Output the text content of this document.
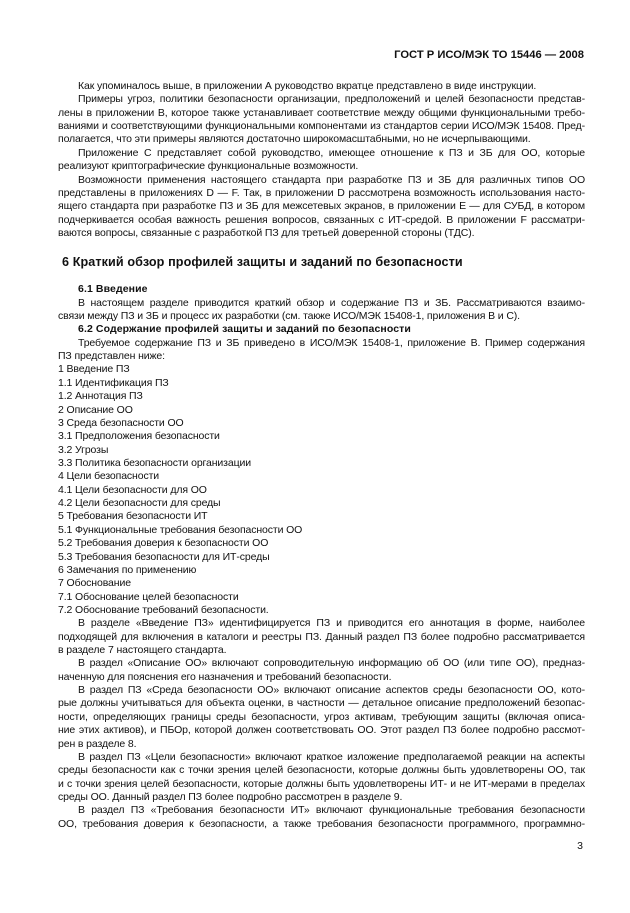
ГОСТ Р ИСО/МЭК ТО 15446 — 2008
Как упоминалось выше, в приложении А руководство вкратце представлено в виде инструкции.
Примеры угроз, политики безопасности организации, предположений и целей безопасности представ-
лены в приложении В, которое также устанавливает соответствие между общими функциональными требо-
ваниями и соответствующими функциональными компонентами из стандартов серии ИСО/МЭК 15408. Пред-
полагается, что эти примеры являются достаточно широкомасштабными, но не исчерпывающими.
Приложение С представляет собой руководство, имеющее отношение к ПЗ и ЗБ для ОО, которые
реализуют криптографические функциональные возможности.
Возможности применения настоящего стандарта при разработке ПЗ и ЗБ для различных типов ОО
представлены в приложениях D — F. Так, в приложении D рассмотрена возможность использования насто-
ящего стандарта при разработке ПЗ и ЗБ для межсетевых экранов, в приложении Е — для СУБД, в котором
подчеркивается особая важность решения вопросов, связанных с ИТ-средой. В приложении F рассматри-
ваются вопросы, связанные с разработкой ПЗ для третьей доверенной стороны (ТДС).
6 Краткий обзор профилей защиты и заданий по безопасности
6.1 Введение
В настоящем разделе приводится краткий обзор и содержание ПЗ и ЗБ. Рассматриваются взаимо-
связи между ПЗ и ЗБ и процесс их разработки (см. также ИСО/МЭК 15408-1, приложения В и С).
6.2 Содержание профилей защиты и заданий по безопасности
Требуемое содержание ПЗ и ЗБ приведено в ИСО/МЭК 15408-1, приложение В. Пример содержания
ПЗ представлен ниже:
1 Введение ПЗ
1.1 Идентификация ПЗ
1.2 Аннотация ПЗ
2 Описание ОО
3 Среда безопасности ОО
3.1 Предположения безопасности
3.2 Угрозы
3.3 Политика безопасности организации
4 Цели безопасности
4.1 Цели безопасности для ОО
4.2 Цели безопасности для среды
5 Требования безопасности ИТ
5.1 Функциональные требования безопасности ОО
5.2 Требования доверия к безопасности ОО
5.3 Требования безопасности для ИТ-среды
6 Замечания по применению
7 Обоснование
7.1 Обоснование целей безопасности
7.2 Обоснование требований безопасности.
В разделе «Введение ПЗ» идентифицируется ПЗ и приводится его аннотация в форме, наиболее
подходящей для включения в каталоги и реестры ПЗ. Данный раздел ПЗ более подробно рассматривается
в разделе 7 настоящего стандарта.
В раздел «Описание ОО» включают сопроводительную информацию об ОО (или типе ОО), предназ-
наченную для пояснения его назначения и требований безопасности.
В раздел ПЗ «Среда безопасности ОО» включают описание аспектов среды безопасности ОО, кото-
рые должны учитываться для объекта оценки, в частности — детальное описание предположений безопас-
ности, определяющих границы среды безопасности, угроз активам, требующим защиты (включая описа-
ние этих активов), и ПБОр, которой должен соответствовать ОО. Этот раздел ПЗ более подробно рассмот-
рен в разделе 8.
В раздел ПЗ «Цели безопасности» включают краткое изложение предполагаемой реакции на аспекты
среды безопасности как с точки зрения целей безопасности, которые должны быть удовлетворены ОО, так
и с точки зрения целей безопасности, которые должны быть удовлетворены ИТ- и не ИТ-мерами в пределах
среды ОО. Данный раздел ПЗ более подробно рассмотрен в разделе 9.
В раздел ПЗ «Требования безопасности ИТ» включают функциональные требования безопасности
ОО, требования доверия к безопасности, а также требования безопасности программного, программно-
3
